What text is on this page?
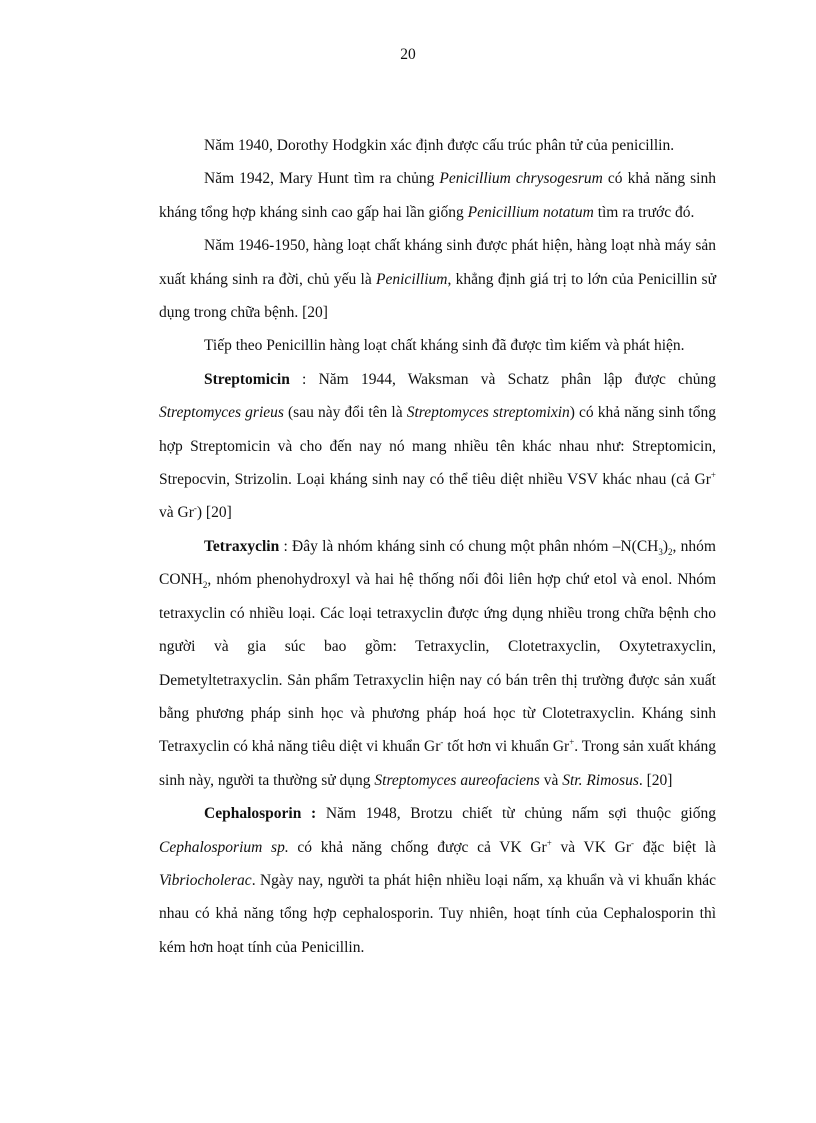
20

Năm 1940, Dorothy Hodgkin xác định được cấu trúc phân tử của penicillin.

Năm 1942, Mary Hunt tìm ra chủng Penicillium chrysogesrum có khả năng sinh kháng tổng hợp kháng sinh cao gấp hai lần giống Penicillium notatum tìm ra trước đó.

Năm 1946-1950, hàng loạt chất kháng sinh được phát hiện, hàng loạt nhà máy sản xuất kháng sinh ra đời, chủ yếu là Penicillium, khẳng định giá trị to lớn của Penicillin sử dụng trong chữa bệnh. [20]

Tiếp theo Penicillin hàng loạt chất kháng sinh đã được tìm kiếm và phát hiện.

Streptomicin : Năm 1944, Waksman và Schatz phân lập được chủng Streptomyces grieus (sau này đổi tên là Streptomyces streptomixin) có khả năng sinh tổng hợp Streptomicin và cho đến nay nó mang nhiều tên khác nhau như: Streptomicin, Strepocvin, Strizolin. Loại kháng sinh nay có thể tiêu diệt nhiều VSV khác nhau (cả Gr+ và Gr-) [20]

Tetraxyclin : Đây là nhóm kháng sinh có chung một phân nhóm $-N(CH_3)_2$, nhóm $CONH_2$, nhóm phenohydroxyl và hai hệ thống nối đôi liên hợp chứ etol và enol. Nhóm tetraxyclin có nhiều loại. Các loại tetraxyclin được ứng dụng nhiều trong chữa bệnh cho người và gia súc bao gồm: Tetraxyclin, Clotetraxyclin, Oxytetraxyclin, Demetyltetraxyclin. Sản phẩm Tetraxyclin hiện nay có bán trên thị trường được sản xuất bằng phương pháp sinh học và phương pháp hoá học từ Clotetraxyclin. Kháng sinh Tetraxyclin có khả năng tiêu diệt vi khuẩn Gr- tốt hơn vi khuẩn Gr+. Trong sản xuất kháng sinh này, người ta thường sử dụng Streptomyces aureofaciens và Str. Rimosus. [20]

Cephalosporin : Năm 1948, Brotzu chiết từ chủng nấm sợi thuộc giống Cephalosporium sp. có khả năng chống được cả VK Gr+ và VK Gr- đặc biệt là Vibriocholerac. Ngày nay, người ta phát hiện nhiều loại nấm, xạ khuẩn và vi khuẩn khác nhau có khả năng tổng hợp cephalosporin. Tuy nhiên, hoạt tính của Cephalosporin thì kém hơn hoạt tính của Penicillin.
